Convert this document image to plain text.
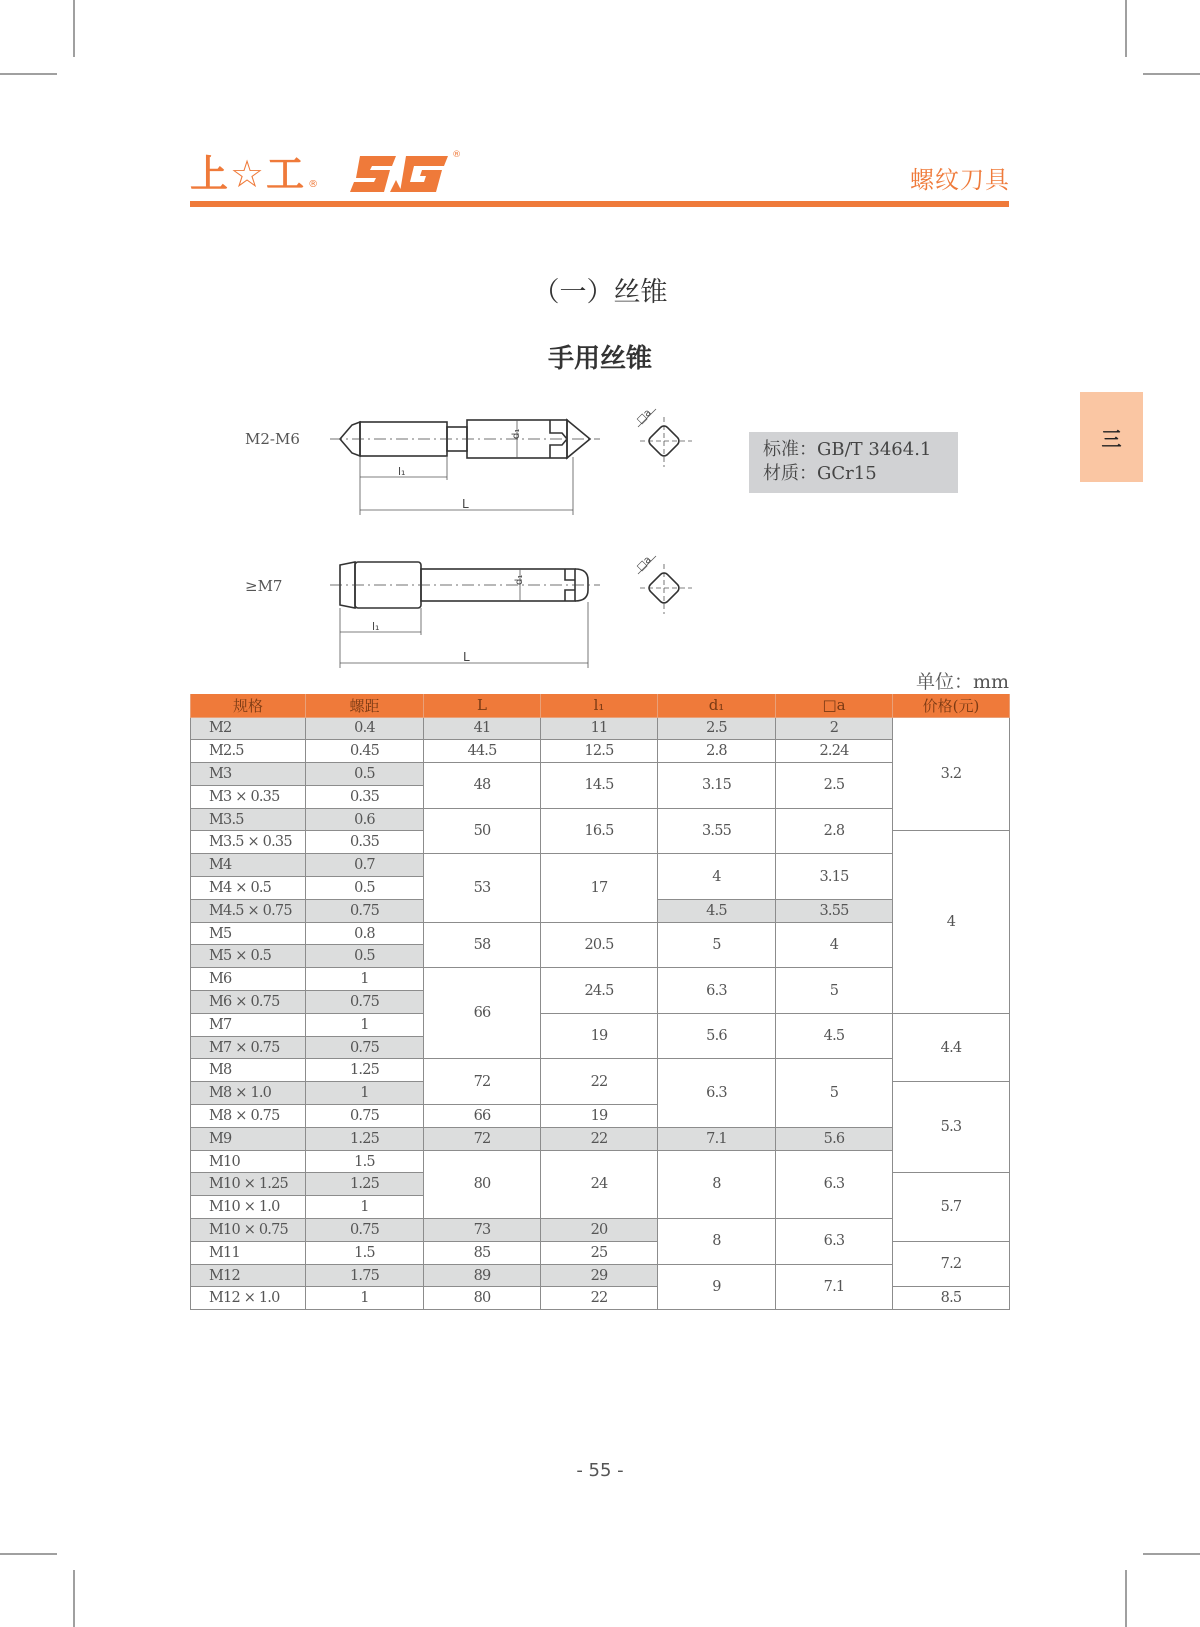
上☆工 ®
®
螺纹刀具
三
（一）丝锥
手用丝锥
M2-M6
l₁
L
d₁
□a
≥M7
l₁
L
d₁
□a
标准：GB/T 3464.1
材质：GCr15
单位：mm
规格	螺距	L	l₁	d₁	□a	价格(元)
M2	0.4	41	11	2.5	2	3.2
M2.5	0.45	44.5	12.5	2.8	2.24	
M3	0.5	48	14.5	3.15	2.5	
M3 × 0.35	0.35					
M3.5	0.6	50	16.5	3.55	2.8	
M3.5 × 0.35	0.35					4
M4	0.7	53	17	4	3.15	
M4 × 0.5	0.5					
M4.5 × 0.75	0.75			4.5	3.55	
M5	0.8	58	20.5	5	4	
M5 × 0.5	0.5					
M6	1	66	24.5	6.3	5	
M6 × 0.75	0.75					
M7	1		19	5.6	4.5	4.4
M7 × 0.75	0.75					
M8	1.25	72	22	6.3	5	
M8 × 1.0	1					5.3
M8 × 0.75	0.75	66	19			
M9	1.25	72	22	7.1	5.6	
M10	1.5	80	24	8	6.3	
M10 × 1.25	1.25					5.7
M10 × 1.0	1					
M10 × 0.75	0.75	73	20	8	6.3	
M11	1.5	85	25			7.2
M12	1.75	89	29	9	7.1	
M12 × 1.0	1	80	22			8.5
- 55 -
